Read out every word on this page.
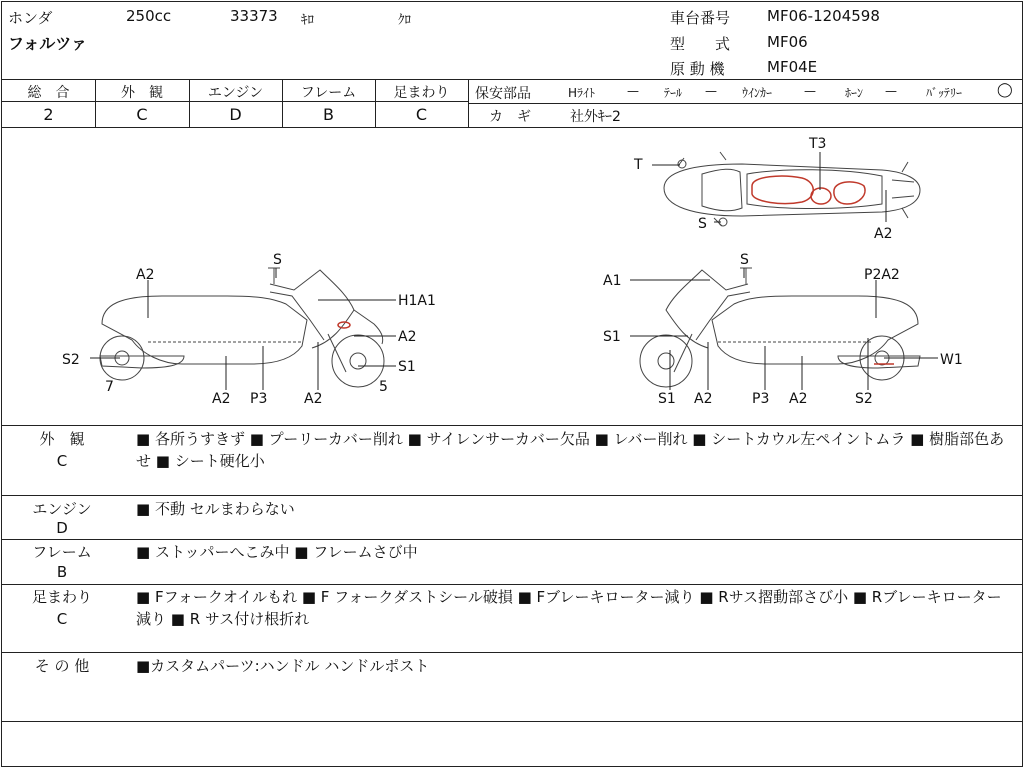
ホンダ	250cc	33373 ｷﾛ	ｸﾛ
フォルツァ
車台番号 MF06-1204598
型　　式 MF06
原 動 機	MF04E
総　合	外　観	エンジン	フレーム	足まわり
2	C	D	B	C
保安部品	Hﾗｲﾄ	— ﾃｰﾙ — ｳｲﾝｶｰ	— ﾎｰﾝ — ﾊﾞｯﾃﾘｰ ◯
カ　ギ	社外ｷｰ2
T
T3
S
A2
A2
S
H1A1
A2
S2	S1
7	5
A2 P3	A2
A1
S
P2A2
S1
W1
S1 A2	P3 A2	S2
外　観
C
■ 各所うすきず ■ プーリーカバー削れ ■ サイレンサーカバー欠品 ■ レバー削れ ■ シートカウル左ペイントムラ ■ 樹脂部色あせ ■ シート硬化小
エンジン
D
■ 不動 セルまわらない
フレーム
B
■ ストッパーへこみ中 ■ フレームさび中
足まわり
C
■ Fフォークオイルもれ ■ F フォークダストシール破損 ■ Fブレーキローター減り ■ Rサス摺動部さび小 ■ Rブレーキローター減り ■ R サス付け根折れ
そ の 他	■カスタムパーツ:ハンドル ハンドルポスト
